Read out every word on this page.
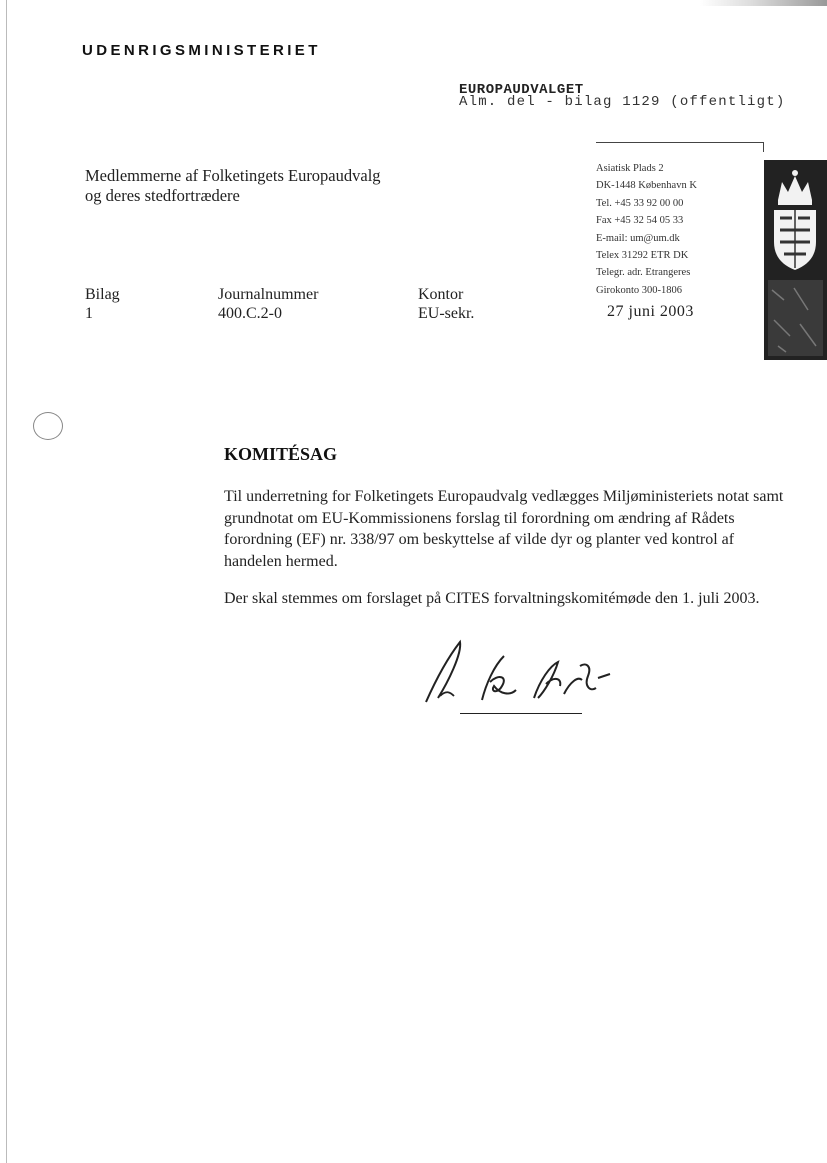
UDENRIGSMINISTERIET
EUROPAUDVALGET
Alm. del - bilag 1129 (offentligt)
Medlemmerne af Folketingets Europaudvalg
og deres stedfortrædere
Asiatisk Plads 2
DK-1448 København K
Tel. +45 33 92 00 00
Fax +45 32 54 05 33
E-mail: um@um.dk
Telex 31292 ETR DK
Telegr. adr. Etrangeres
Girokonto 300-1806
Bilag
1
Journalnummer
400.C.2-0
Kontor
EU-sekr.	27 juni 2003
KOMITÉSAG
Til underretning for Folketingets Europaudvalg vedlægges Miljøministeriets notat samt grundnotat om EU-Kommissionens forslag til forordning om ændring af Rådets forordning (EF) nr. 338/97 om beskyttelse af vilde dyr og planter ved kontrol af handelen hermed.
Der skal stemmes om forslaget på CITES forvaltningskomitémøde den 1. juli 2003.
